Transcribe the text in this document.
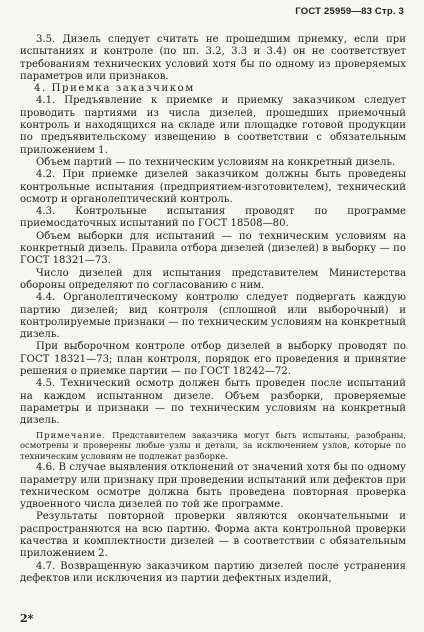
ГОСТ 25959—83 Стр. 3

3.5. Дизель следует считать не прошедшим приемку, если при испытаниях и контроле (по пп. 3.2, 3.3 и 3.4) он не соответствует требованиям технических условий хотя бы по одному из проверяемых параметров или признаков.

4. Приемка заказчиком

4.1. Предъявление к приемке и приемку заказчиком следует проводить партиями из числа дизелей, прошедших приемочный контроль и находящихся на складе или площадке готовой продукции по предъявительскому извещению в соответствии с обязательным приложением 1.

Объем партий — по техническим условиям на конкретный дизель.

4.2. При приемке дизелей заказчиком должны быть проведены контрольные испытания (предприятием-изготовителем), технический осмотр и органолептический контроль.

4.3. Контрольные испытания проводят по программе приемосдаточных испытаний по ГОСТ 18508—80.

Объем выборки для испытаний — по техническим условиям на конкретный дизель. Правила отбора дизелей (дизелей) в выборку — по ГОСТ 18321—73.

Число дизелей для испытания представителем Министерства обороны определяют по согласованию с ним.

4.4. Органолептическому контролю следует подвергать каждую партию дизелей; вид контроля (сплошной или выборочный) и контролируемые признаки — по техническим условиям на конкретный дизель.

При выборочном контроле отбор дизелей в выборку проводят по ГОСТ 18321—73; план контроля, порядок его проведения и принятие решения о приемке партии — по ГОСТ 18242—72.

4.5. Технический осмотр должен быть проведен после испытаний на каждом испытанном дизеле. Объем разборки, проверяемые параметры и признаки — по техническим условиям на конкретный дизель.

Примечание. Представителем заказчика могут быть испытаны, разобраны, осмотрены и проверены любые узлы и детали, за исключением узлов, которые по техническим условиям не подлежат разборке.

4.6. В случае выявления отклонений от значений хотя бы по одному параметру или признаку при проведении испытаний или дефектов при техническом осмотре должна быть проведена повторная проверка удвоенного числа дизелей по той же программе.

Результаты повторной проверки являются окончательными и распространяются на всю партию. Форма акта контрольной проверки качества и комплектности дизелей — в соответствии с обязательным приложением 2.

4.7. Возвращенную заказчиком партию дизелей после устранения дефектов или исключения из партии дефектных изделий,

2*
